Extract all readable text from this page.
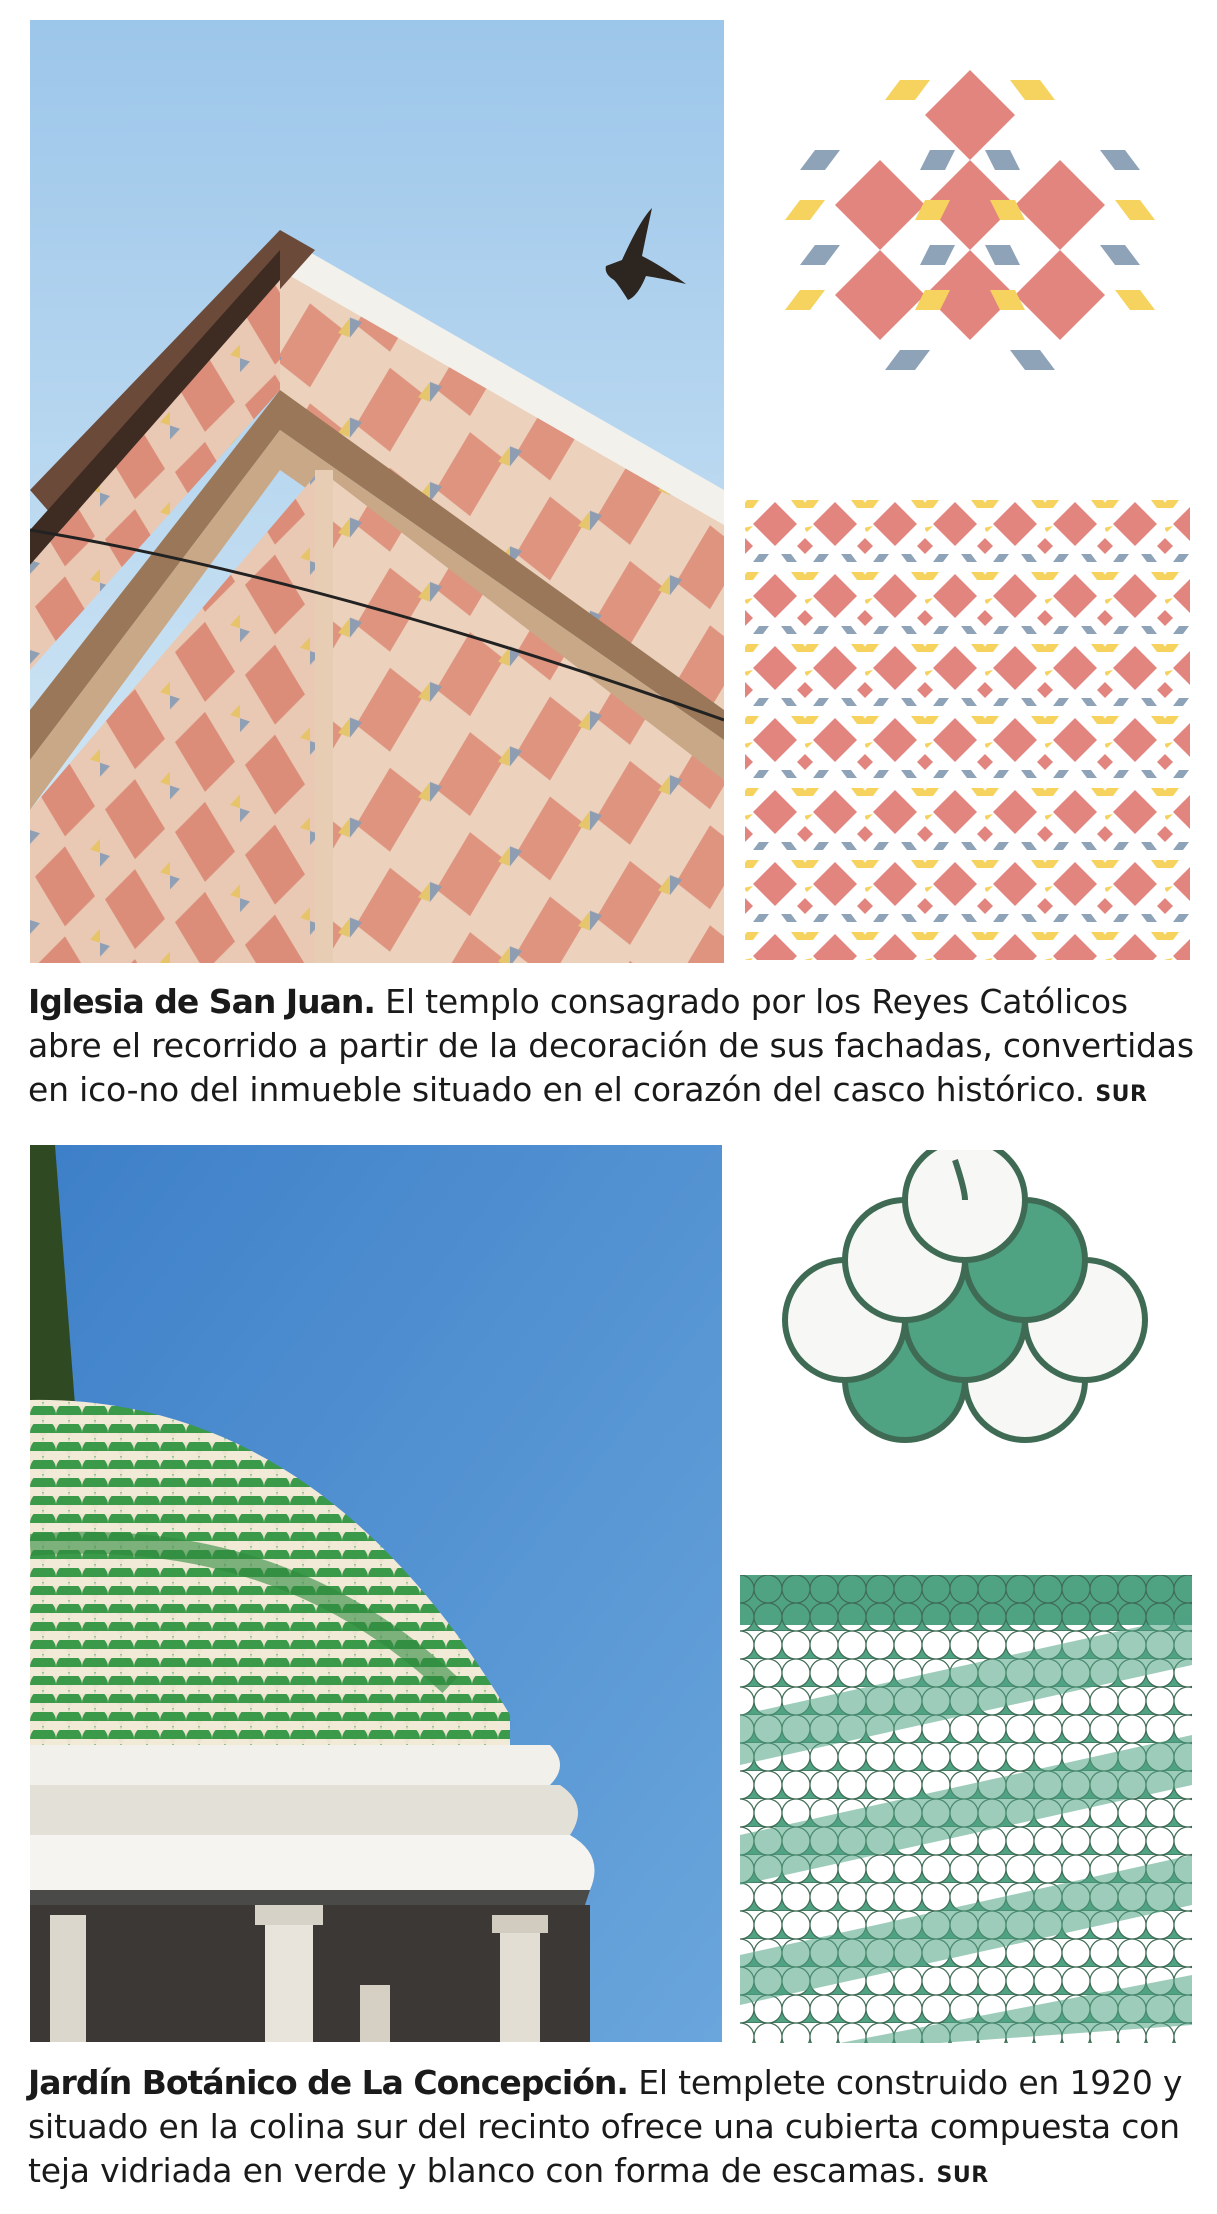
Iglesia de San Juan. El templo consagrado por los Reyes Católicos abre el recorrido a partir de la decoración de sus fachadas, convertidas en ico-no del inmueble situado en el corazón del casco histórico. SUR
Jardín Botánico de La Concepción. El templete construido en 1920 y situado en la colina sur del recinto ofrece una cubierta compuesta con teja vidriada en verde y blanco con forma de escamas. SUR
